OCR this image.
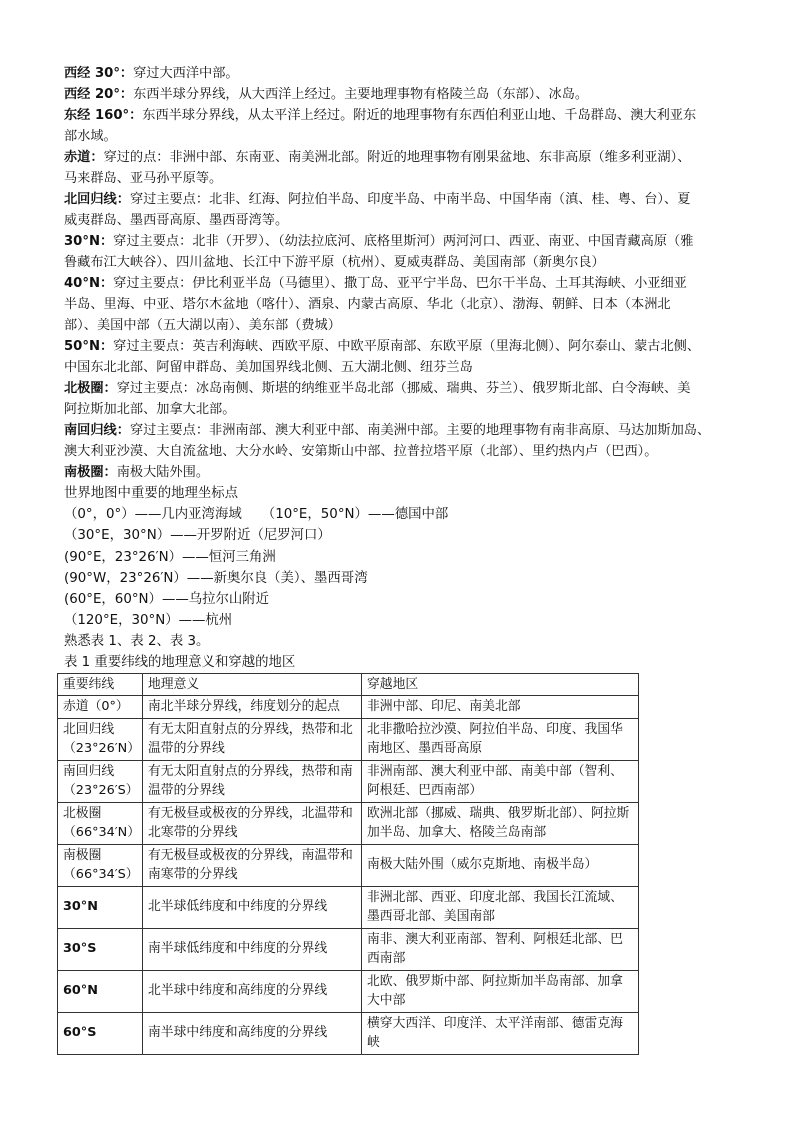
西经 30°：穿过大西洋中部。
西经 20°：东西半球分界线，从大西洋上经过。主要地理事物有格陵兰岛（东部）、冰岛。
东经 160°：东西半球分界线，从太平洋上经过。附近的地理事物有东西伯利亚山地、千岛群岛、澳大利亚东
部水域。
赤道：穿过的点：非洲中部、东南亚、南美洲北部。附近的地理事物有刚果盆地、东非高原（维多利亚湖）、
马来群岛、亚马孙平原等。
北回归线：穿过主要点：北非、红海、阿拉伯半岛、印度半岛、中南半岛、中国华南（滇、桂、粤、台）、夏
威夷群岛、墨西哥高原、墨西哥湾等。
30°N：穿过主要点：北非（开罗）、（幼法拉底河、底格里斯河）两河河口、西亚、南亚、中国青藏高原（雅
鲁藏布江大峡谷）、四川盆地、长江中下游平原（杭州）、夏威夷群岛、美国南部（新奥尔良）
40°N：穿过主要点：伊比利亚半岛（马德里）、撒丁岛、亚平宁半岛、巴尔干半岛、土耳其海峡、小亚细亚
半岛、里海、中亚、塔尔木盆地（喀什）、酒泉、内蒙古高原、华北（北京）、渤海、朝鲜、日本（本洲北
部）、美国中部（五大湖以南）、美东部（费城）
50°N：穿过主要点：英吉利海峡、西欧平原、中欧平原南部、东欧平原（里海北侧）、阿尔泰山、蒙古北侧、
中国东北北部、阿留申群岛、美加国界线北侧、五大湖北侧、纽芬兰岛
北极圈：穿过主要点：冰岛南侧、斯堪的纳维亚半岛北部（挪威、瑞典、芬兰）、俄罗斯北部、白令海峡、美
阿拉斯加北部、加拿大北部。
南回归线：穿过主要点：非洲南部、澳大利亚中部、南美洲中部。主要的地理事物有南非高原、马达加斯加岛、
澳大利亚沙漠、大自流盆地、大分水岭、安第斯山中部、拉普拉塔平原（北部）、里约热内卢（巴西）。
南极圈：南极大陆外围。
世界地图中重要的地理坐标点
（0°，0°）——几内亚湾海域　　（10°E，50°N）——德国中部
（30°E，30°N）——开罗附近（尼罗河口）
(90°E，23°26′N）——恒河三角洲
(90°W，23°26′N）——新奥尔良（美）、墨西哥湾
(60°E，60°N）——乌拉尔山附近
（120°E，30°N）——杭州
熟悉表 1、表 2、表 3。
表 1 重要纬线的地理意义和穿越的地区
重要纬线	地理意义	穿越地区
赤道（0°）	南北半球分界线，纬度划分的起点	非洲中部、印尼、南美北部
北回归线
（23°26′N）	有无太阳直射点的分界线，热带和北温带的分界线	北非撒哈拉沙漠、阿拉伯半岛、印度、我国华南地区、墨西哥高原
南回归线
（23°26′S）	有无太阳直射点的分界线，热带和南温带的分界线	非洲南部、澳大利亚中部、南美中部（智利、阿根廷、巴西南部）
北极圈
（66°34′N）	有无极昼或极夜的分界线，北温带和北寒带的分界线	欧洲北部（挪威、瑞典、俄罗斯北部）、阿拉斯加半岛、加拿大、格陵兰岛南部
南极圈
（66°34′S）	有无极昼或极夜的分界线，南温带和南寒带的分界线	南极大陆外围（威尔克斯地、南极半岛）
30°N	北半球低纬度和中纬度的分界线	非洲北部、西亚、印度北部、我国长江流域、墨西哥北部、美国南部
30°S	南半球低纬度和中纬度的分界线	南非、澳大利亚南部、智利、阿根廷北部、巴西南部
60°N	北半球中纬度和高纬度的分界线	北欧、俄罗斯中部、阿拉斯加半岛南部、加拿大中部
60°S	南半球中纬度和高纬度的分界线	横穿大西洋、印度洋、太平洋南部、德雷克海峡
